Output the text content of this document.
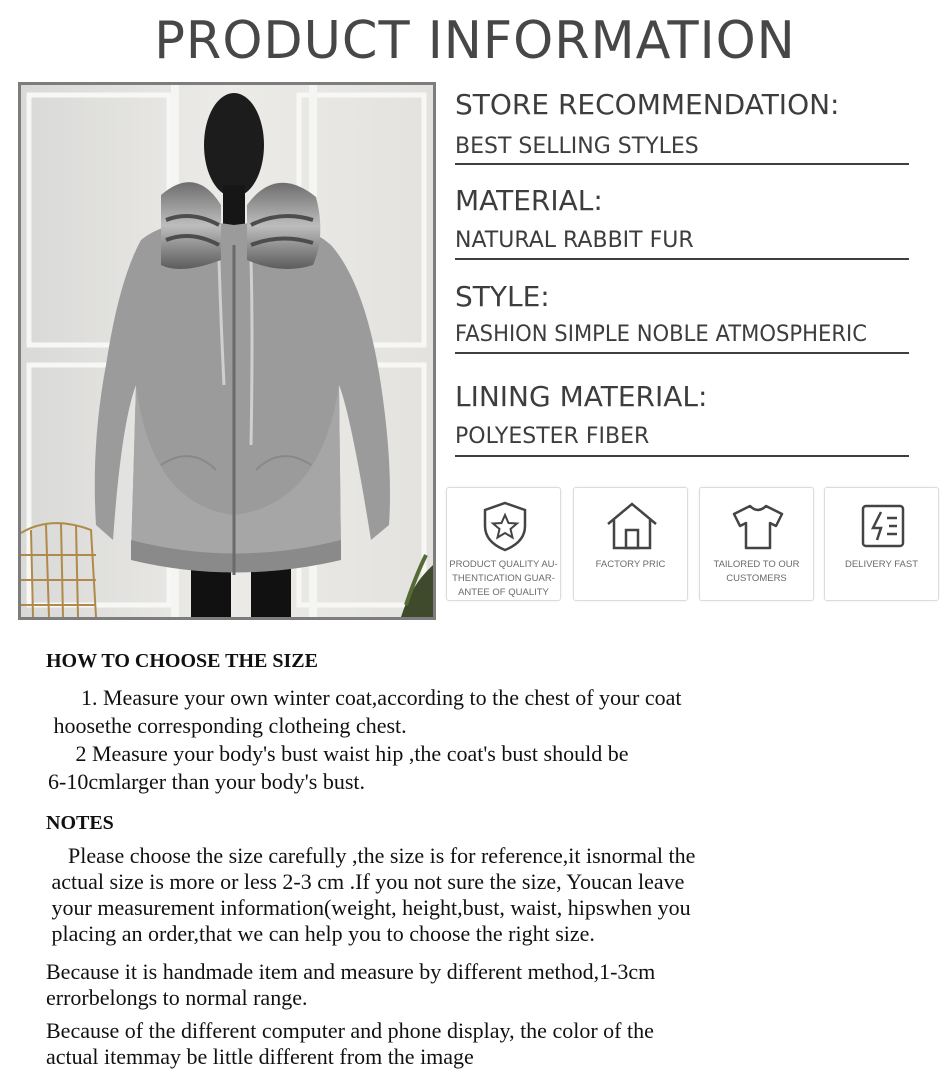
PRODUCT INFORMATION
STORE RECOMMENDATION:
BEST SELLING STYLES
MATERIAL:
NATURAL RABBIT FUR
STYLE:
FASHION SIMPLE NOBLE ATMOSPHERIC
LINING MATERIAL:
POLYESTER FIBER
PRODUCT QUALITY AU-
THENTICATION GUAR-
ANTEE OF QUALITY
FACTORY PRIC	TAILORED TO OUR
CUSTOMERS
DELIVERY FAST
HOW TO CHOOSE THE SIZE
1. Measure your own winter coat,according to the chest of your coat
hoosethe corresponding clotheing chest.
2 Measure your body's bust waist hip ,the coat's bust should be
6-10cmlarger than your body's bust.
NOTES
Please choose the size carefully ,the size is for reference,it isnormal the
actual size is more or less 2-3 cm .If you not sure the size, Youcan leave
your measurement information(weight, height,bust, waist, hipswhen you
placing an order,that we can help you to choose the right size.
Because it is handmade item and measure by different method,1-3cm
errorbelongs to normal range.
Because of the different computer and phone display, the color of the
actual itemmay be little different from the image
